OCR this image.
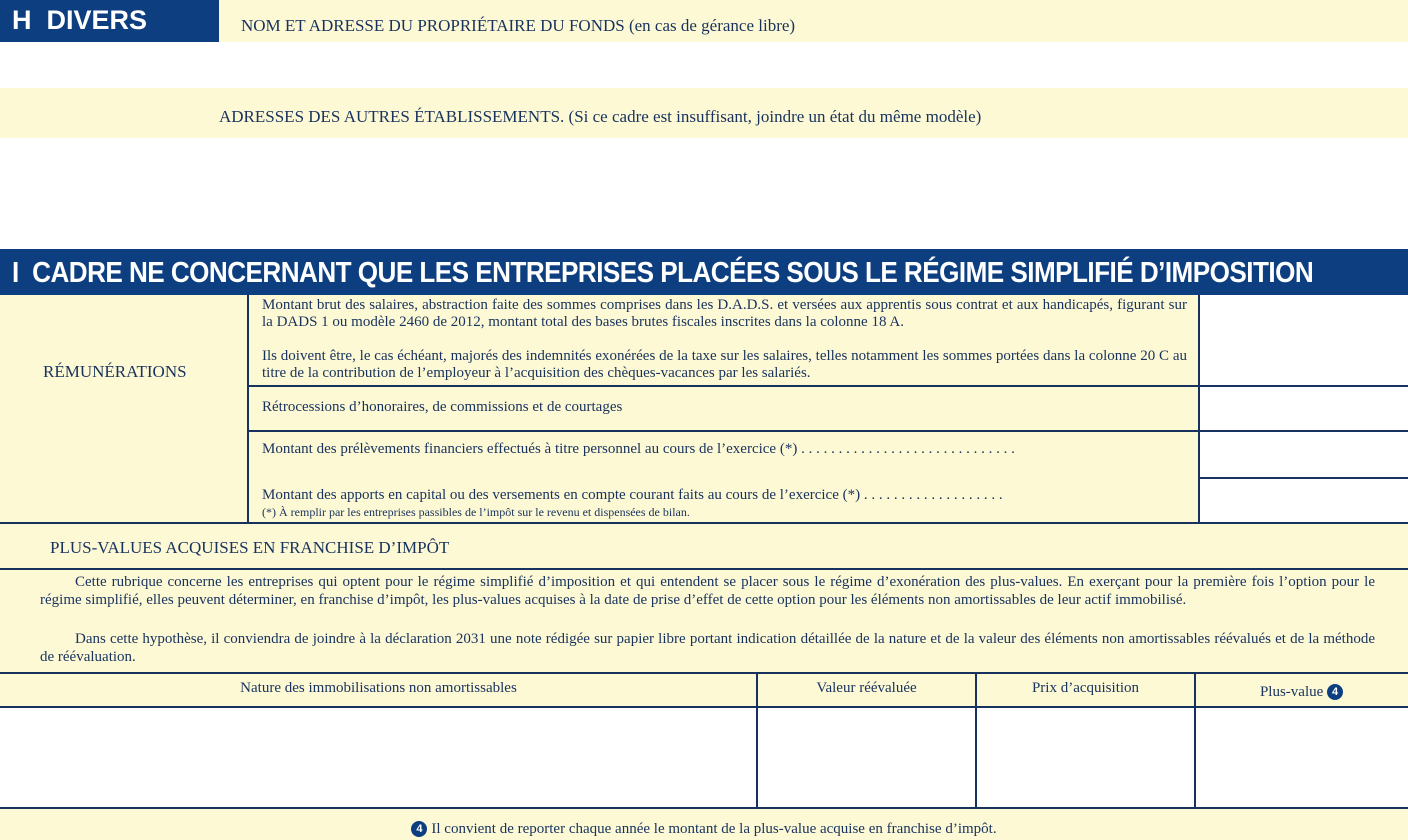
H DIVERS	NOM ET ADRESSE DU PROPRIÉTAIRE DU FONDS (en cas de gérance libre)
ADRESSES DES AUTRES ÉTABLISSEMENTS. (Si ce cadre est insuffisant, joindre un état du même modèle)
I CADRE NE CONCERNANT QUE LES ENTREPRISES PLACÉES SOUS LE RÉGIME SIMPLIFIÉ D’IMPOSITION
RÉMUNÉRATIONS
Montant brut des salaires, abstraction faite des sommes comprises dans les D.A.D.S. et versées aux apprentis sous contrat et aux handicapés, figurant sur la DADS 1 ou modèle 2460 de 2012, montant total des bases brutes fiscales inscrites dans la colonne 18 A.
Ils doivent être, le cas échéant, majorés des indemnités exonérées de la taxe sur les salaires, telles notamment les sommes portées dans la colonne 20 C au titre de la contribution de l’employeur à l’acquisition des chèques-vacances par les salariés.
Rétrocessions d’honoraires, de commissions et de courtages
Montant des prélèvements financiers effectués à titre personnel au cours de l’exercice (*) . . . . . . . . . . . . . . . . . . . . . . . . . . . . .
Montant des apports en capital ou des versements en compte courant faits au cours de l’exercice (*) . . . . . . . . . . . . . . . . . . .
(*) À remplir par les entreprises passibles de l’impôt sur le revenu et dispensées de bilan.
PLUS-VALUES ACQUISES EN FRANCHISE D’IMPÔT
Cette rubrique concerne les entreprises qui optent pour le régime simplifié d’imposition et qui entendent se placer sous le régime d’exonération des plus-values. En exerçant pour la première fois l’option pour le régime simplifié, elles peuvent déterminer, en franchise d’impôt, les plus-values acquises à la date de prise d’effet de cette option pour les éléments non amortissables de leur actif immobilisé.
Dans cette hypothèse, il conviendra de joindre à la déclaration 2031 une note rédigée sur papier libre portant indication détaillée de la nature et de la valeur des éléments non amortissables réévalués et de la méthode de réévaluation.
Nature des immobilisations non amortissables	Valeur réévaluée	Prix d’acquisition	Plus-value 4
4 Il convient de reporter chaque année le montant de la plus-value acquise en franchise d’impôt.
